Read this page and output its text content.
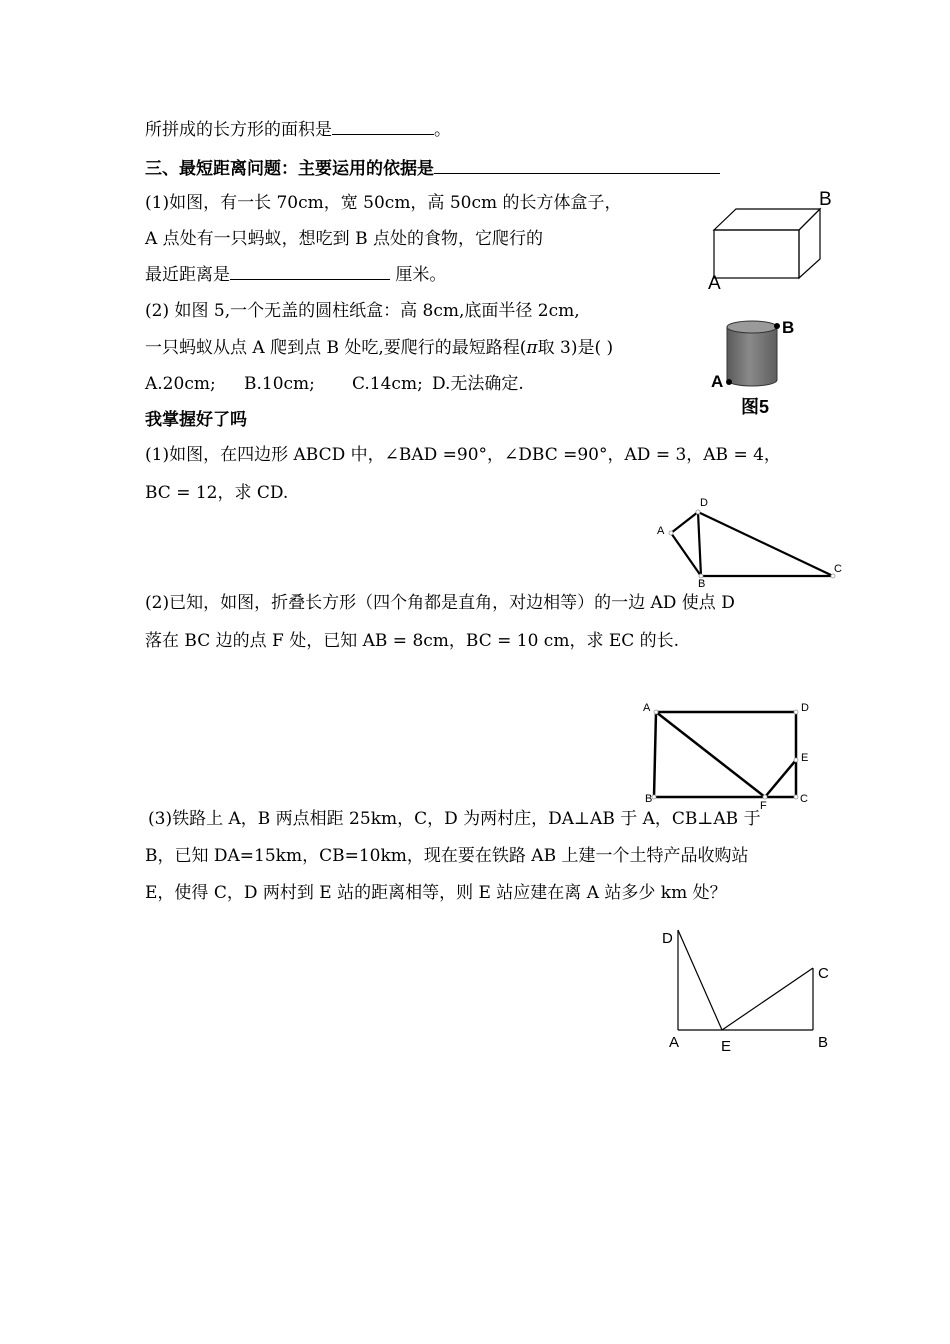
所拼成的长方形的面积是	。
三、最短距离问题：主要运用的依据是
(1)如图，有一长 70cm，宽 50cm，高 50cm 的长方体盒子，
A 点处有一只蚂蚁，想吃到 B 点处的食物，它爬行的
最近距离是	厘米。
B
A
(2) 如图 5,一个无盖的圆柱纸盒：高 8cm,底面半径 2cm,
一只蚂蚁从点 A 爬到点 B 处吃,要爬行的最短路程(π取 3)是( )
A.20cm; B.10cm; C.14cm; D.无法确定.
B
A
图5
我掌握好了吗
(1)如图，在四边形 ABCD 中，∠BAD =90°，∠DBC =90°，AD = 3，AB = 4，
BC = 12，求 CD.
A
B
C
D
(2)已知，如图，折叠长方形（四个角都是直角，对边相等）的一边 AD 使点 D
落在 BC 边的点 F 处，已知 AB = 8cm，BC = 10 cm，求 EC 的长.
A	D
E
B
F
C
(3)铁路上 A，B 两点相距 25km，C，D 为两村庄，DA⊥AB 于 A，CB⊥AB 于
B，已知 DA=15km，CB=10km，现在要在铁路 AB 上建一个土特产品收购站
E，使得 C，D 两村到 E 站的距离相等，则 E 站应建在离 A 站多少 km 处？
D
C
A	E	B
